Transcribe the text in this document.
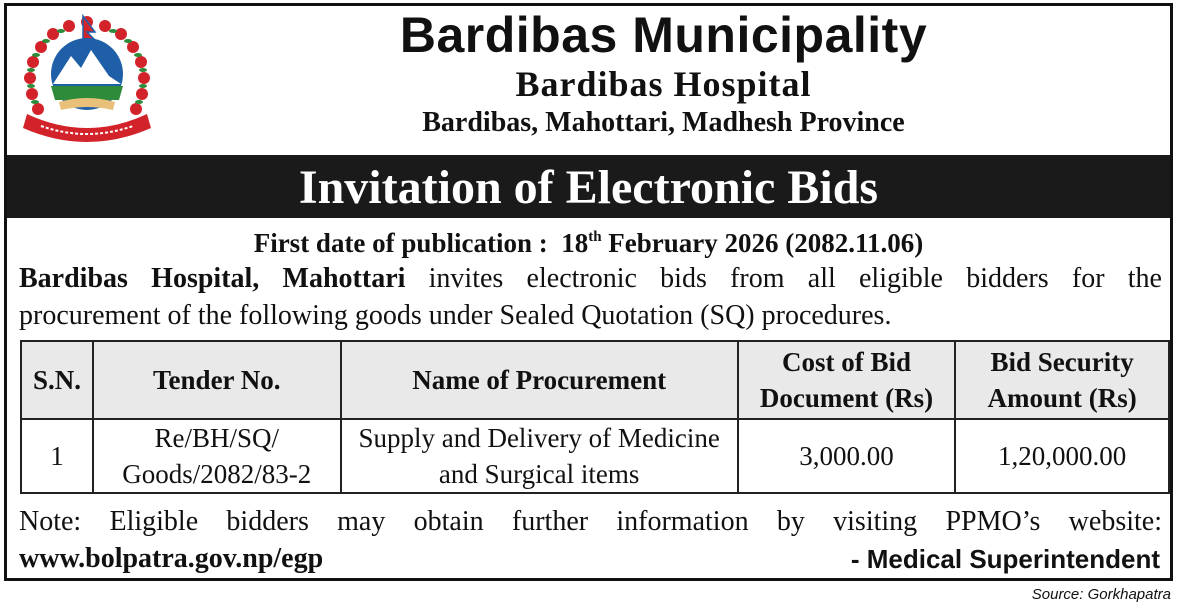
Bardibas Municipality
Bardibas Hospital
Bardibas, Mahottari, Madhesh Province
Invitation of Electronic Bids
First date of publication : 18th February 2026 (2082.11.06)
Bardibas Hospital, Mahottari invites electronic bids from all eligible bidders for the
procurement of the following goods under Sealed Quotation (SQ) procedures.
S.N.	Tender No.	Name of Procurement	Cost of Bid Document (Rs)	Bid Security Amount (Rs)
1	Re/BH/SQ/ Goods/2082/83-2	Supply and Delivery of Medicine and Surgical items	3,000.00	1,20,000.00
Note: Eligible bidders may obtain further information by visiting PPMO’s website:
www.bolpatra.gov.np/egp	- Medical Superintendent
Source: Gorkhapatra
